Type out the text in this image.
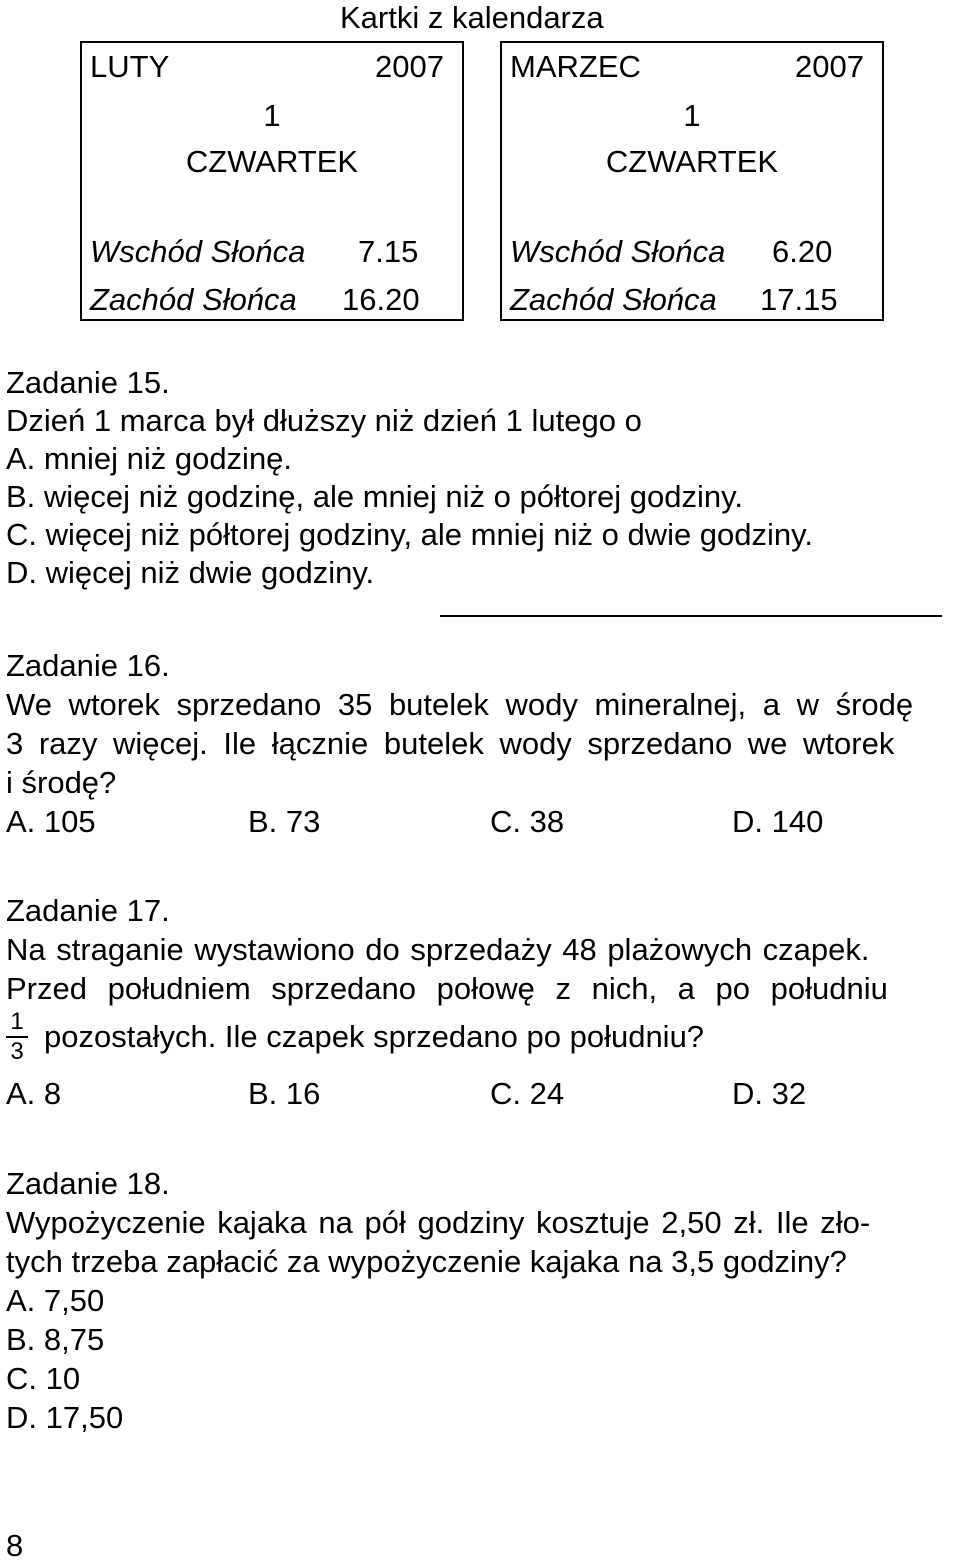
Kartki z kalendarza
LUTY	2007
1
CZWARTEK
Wschód Słońca 7.15
Zachód Słońca 16.20
MARZEC	2007
1
CZWARTEK
Wschód Słońca 6.20
Zachód Słońca 17.15
Zadanie 15.
Dzień 1 marca był dłuższy niż dzień 1 lutego o
A. mniej niż godzinę.
B. więcej niż godzinę, ale mniej niż o półtorej godziny.
C. więcej niż półtorej godziny, ale mniej niż o dwie godziny.
D. więcej niż dwie godziny.
Zadanie 16.
We wtorek sprzedano 35 butelek wody mineralnej, a w środę
3 razy więcej. Ile łącznie butelek wody sprzedano we wtorek
i środę?
A. 105	B. 73	C. 38	D. 140
Zadanie 17.
Na straganie wystawiono do sprzedaży 48 plażowych czapek.
Przed południem sprzedano połowę z nich, a po południu
1
3 pozostałych. Ile czapek sprzedano po południu?
A. 8	B. 16	C. 24	D. 32
Zadanie 18.
Wypożyczenie kajaka na pół godziny kosztuje 2,50 zł. Ile zło-
tych trzeba zapłacić za wypożyczenie kajaka na 3,5 godziny?
A. 7,50
B. 8,75
C. 10
D. 17,50
8
